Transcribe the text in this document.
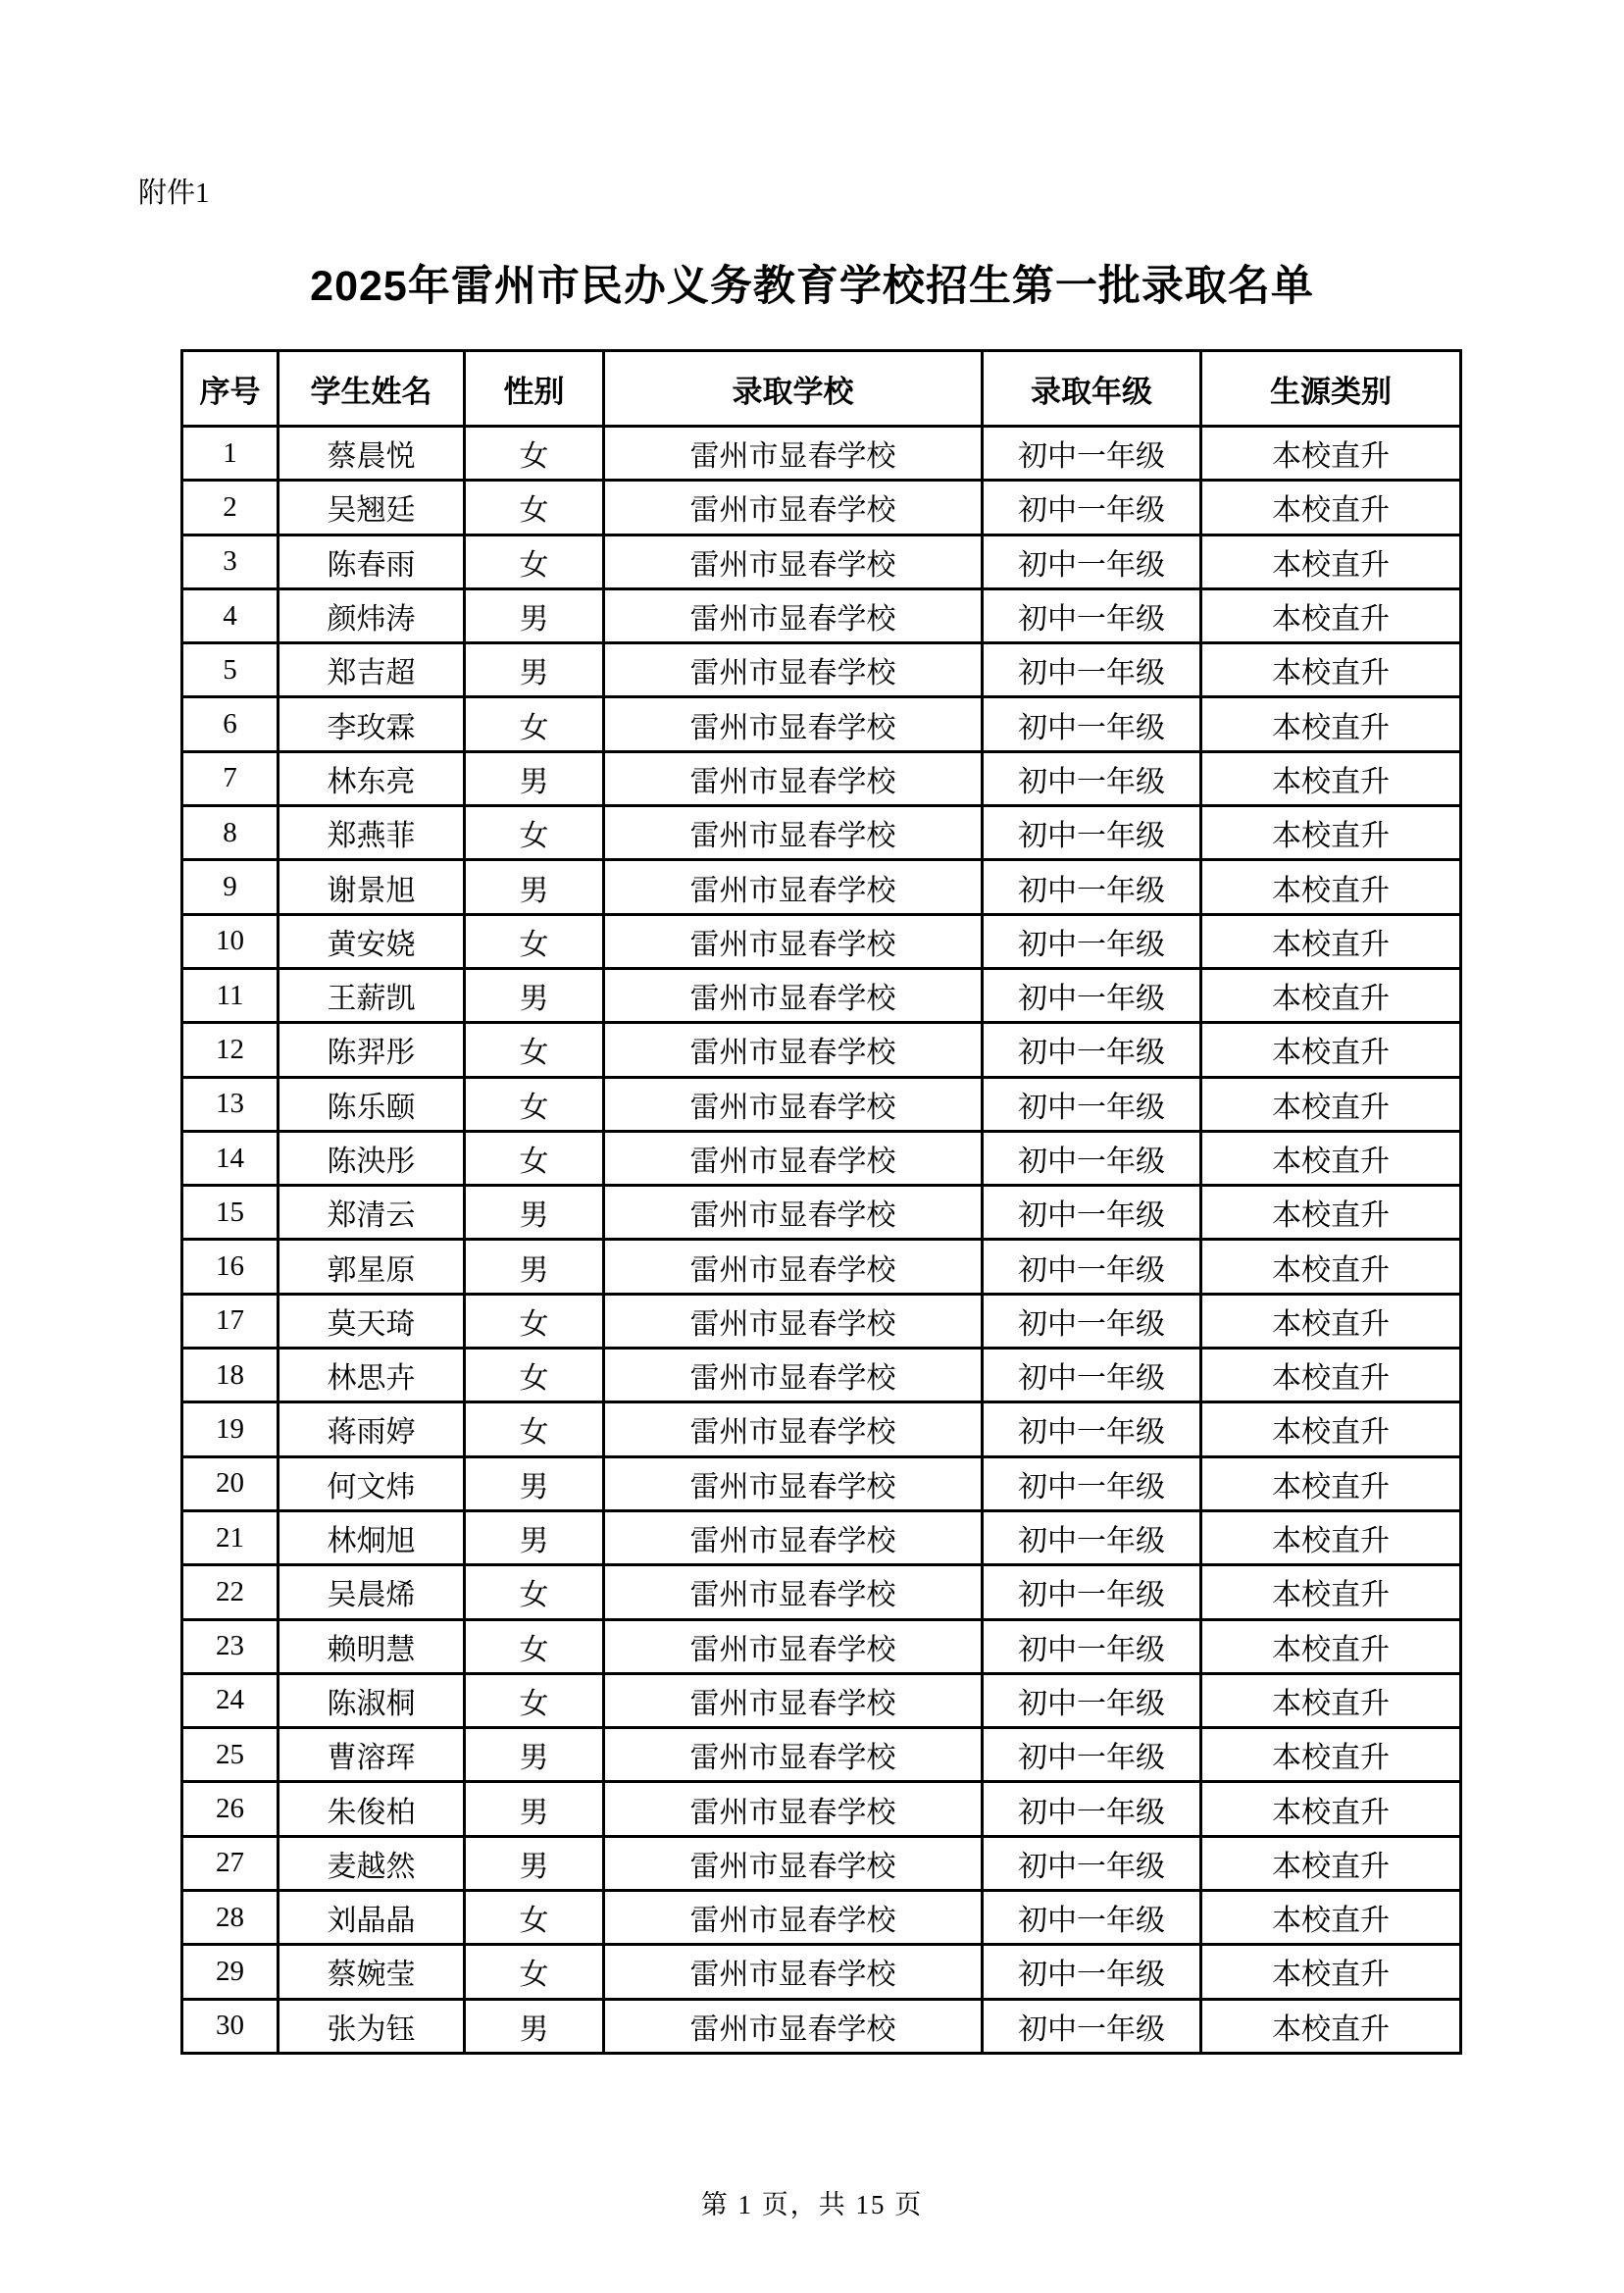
附件1
2025年雷州市民办义务教育学校招生第一批录取名单
序号	学生姓名	性别	录取学校	录取年级	生源类别
1	蔡晨悦	女	雷州市显春学校	初中一年级	本校直升
2	吴翘廷	女	雷州市显春学校	初中一年级	本校直升
3	陈春雨	女	雷州市显春学校	初中一年级	本校直升
4	颜炜涛	男	雷州市显春学校	初中一年级	本校直升
5	郑吉超	男	雷州市显春学校	初中一年级	本校直升
6	李玫霖	女	雷州市显春学校	初中一年级	本校直升
7	林东亮	男	雷州市显春学校	初中一年级	本校直升
8	郑燕菲	女	雷州市显春学校	初中一年级	本校直升
9	谢景旭	男	雷州市显春学校	初中一年级	本校直升
10	黄安娆	女	雷州市显春学校	初中一年级	本校直升
11	王薪凯	男	雷州市显春学校	初中一年级	本校直升
12	陈羿彤	女	雷州市显春学校	初中一年级	本校直升
13	陈乐颐	女	雷州市显春学校	初中一年级	本校直升
14	陈泱彤	女	雷州市显春学校	初中一年级	本校直升
15	郑清云	男	雷州市显春学校	初中一年级	本校直升
16	郭星原	男	雷州市显春学校	初中一年级	本校直升
17	莫天琦	女	雷州市显春学校	初中一年级	本校直升
18	林思卉	女	雷州市显春学校	初中一年级	本校直升
19	蒋雨婷	女	雷州市显春学校	初中一年级	本校直升
20	何文炜	男	雷州市显春学校	初中一年级	本校直升
21	林炯旭	男	雷州市显春学校	初中一年级	本校直升
22	吴晨烯	女	雷州市显春学校	初中一年级	本校直升
23	赖明慧	女	雷州市显春学校	初中一年级	本校直升
24	陈淑桐	女	雷州市显春学校	初中一年级	本校直升
25	曹溶珲	男	雷州市显春学校	初中一年级	本校直升
26	朱俊柏	男	雷州市显春学校	初中一年级	本校直升
27	麦越然	男	雷州市显春学校	初中一年级	本校直升
28	刘晶晶	女	雷州市显春学校	初中一年级	本校直升
29	蔡婉莹	女	雷州市显春学校	初中一年级	本校直升
30	张为钰	男	雷州市显春学校	初中一年级	本校直升
第 1 页，共 15 页
